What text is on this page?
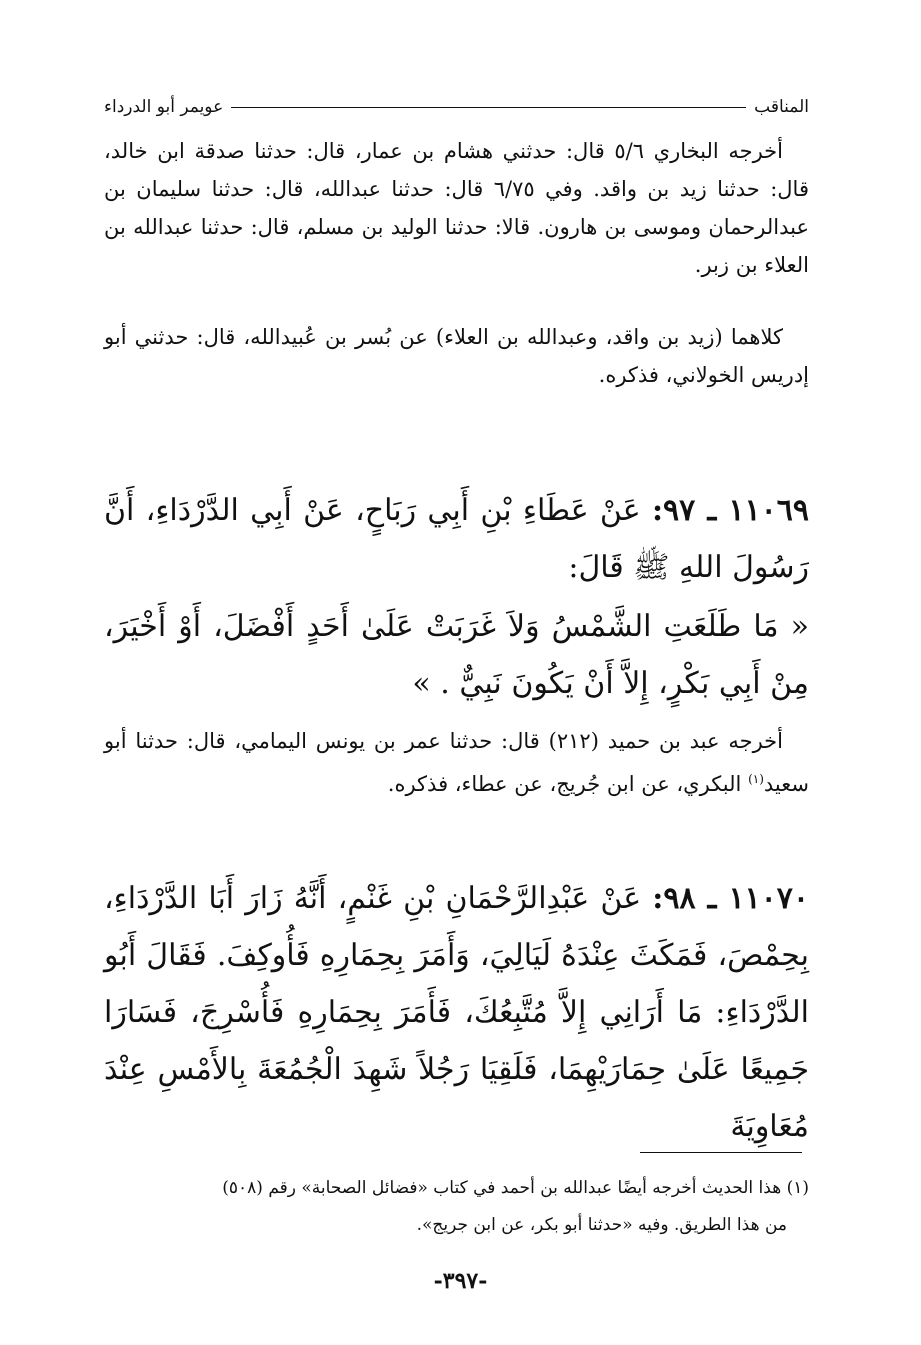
المناقب
عويمر أبو الدرداء
أخرجه البخاري ٥/٦ قال: حدثني هشام بن عمار، قال: حدثنا صدقة ابن خالد، قال: حدثنا زيد بن واقد. وفي ٦/٧٥ قال: حدثنا عبدالله، قال: حدثنا سليمان بن عبدالرحمان وموسى بن هارون. قالا: حدثنا الوليد بن مسلم، قال: حدثنا عبدالله بن العلاء بن زبر.
كلاهما (زيد بن واقد، وعبدالله بن العلاء) عن بُسر بن عُبيدالله، قال: حدثني أبو إدريس الخولاني، فذكره.
١١٠٦٩ ـ ٩٧: عَنْ عَطَاءِ بْنِ أَبِي رَبَاحٍ، عَنْ أَبِي الدَّرْدَاءِ، أَنَّ رَسُولَ اللهِ ﷺ قَالَ:
« مَا طَلَعَتِ الشَّمْسُ وَلاَ غَرَبَتْ عَلَىٰ أَحَدٍ أَفْضَلَ، أَوْ أَخْيَرَ، مِنْ أَبِي بَكْرٍ، إِلاَّ أَنْ يَكُونَ نَبِيٌّ . »
أخرجه عبد بن حميد (٢١٢) قال: حدثنا عمر بن يونس اليمامي، قال: حدثنا أبو سعيد$^{(١)}$ البكري، عن ابن جُريج، عن عطاء، فذكره.
١١٠٧٠ ـ ٩٨: عَنْ عَبْدِالرَّحْمَانِ بْنِ غَنْمٍ، أَنَّهُ زَارَ أَبَا الدَّرْدَاءِ، بِحِمْصَ، فَمَكَثَ عِنْدَهُ لَيَالِيَ، وَأَمَرَ بِحِمَارِهِ فَأُوكِفَ. فَقَالَ أَبُو الدَّرْدَاءِ: مَا أَرَانِي إِلاَّ مُتَّبِعُكَ، فَأَمَرَ بِحِمَارِهِ فَأُسْرِجَ، فَسَارَا جَمِيعًا عَلَىٰ حِمَارَيْهِمَا، فَلَقِيَا رَجُلاً شَهِدَ الْجُمُعَةَ بِالأَمْسِ عِنْدَ مُعَاوِيَةَ
(١) هذا الحديث أخرجه أيضًا عبدالله بن أحمد في كتاب «فضائل الصحابة» رقم (٥٠٨)
من هذا الطريق. وفيه «حدثنا أبو بكر، عن ابن جريج».
-٣٩٧-
